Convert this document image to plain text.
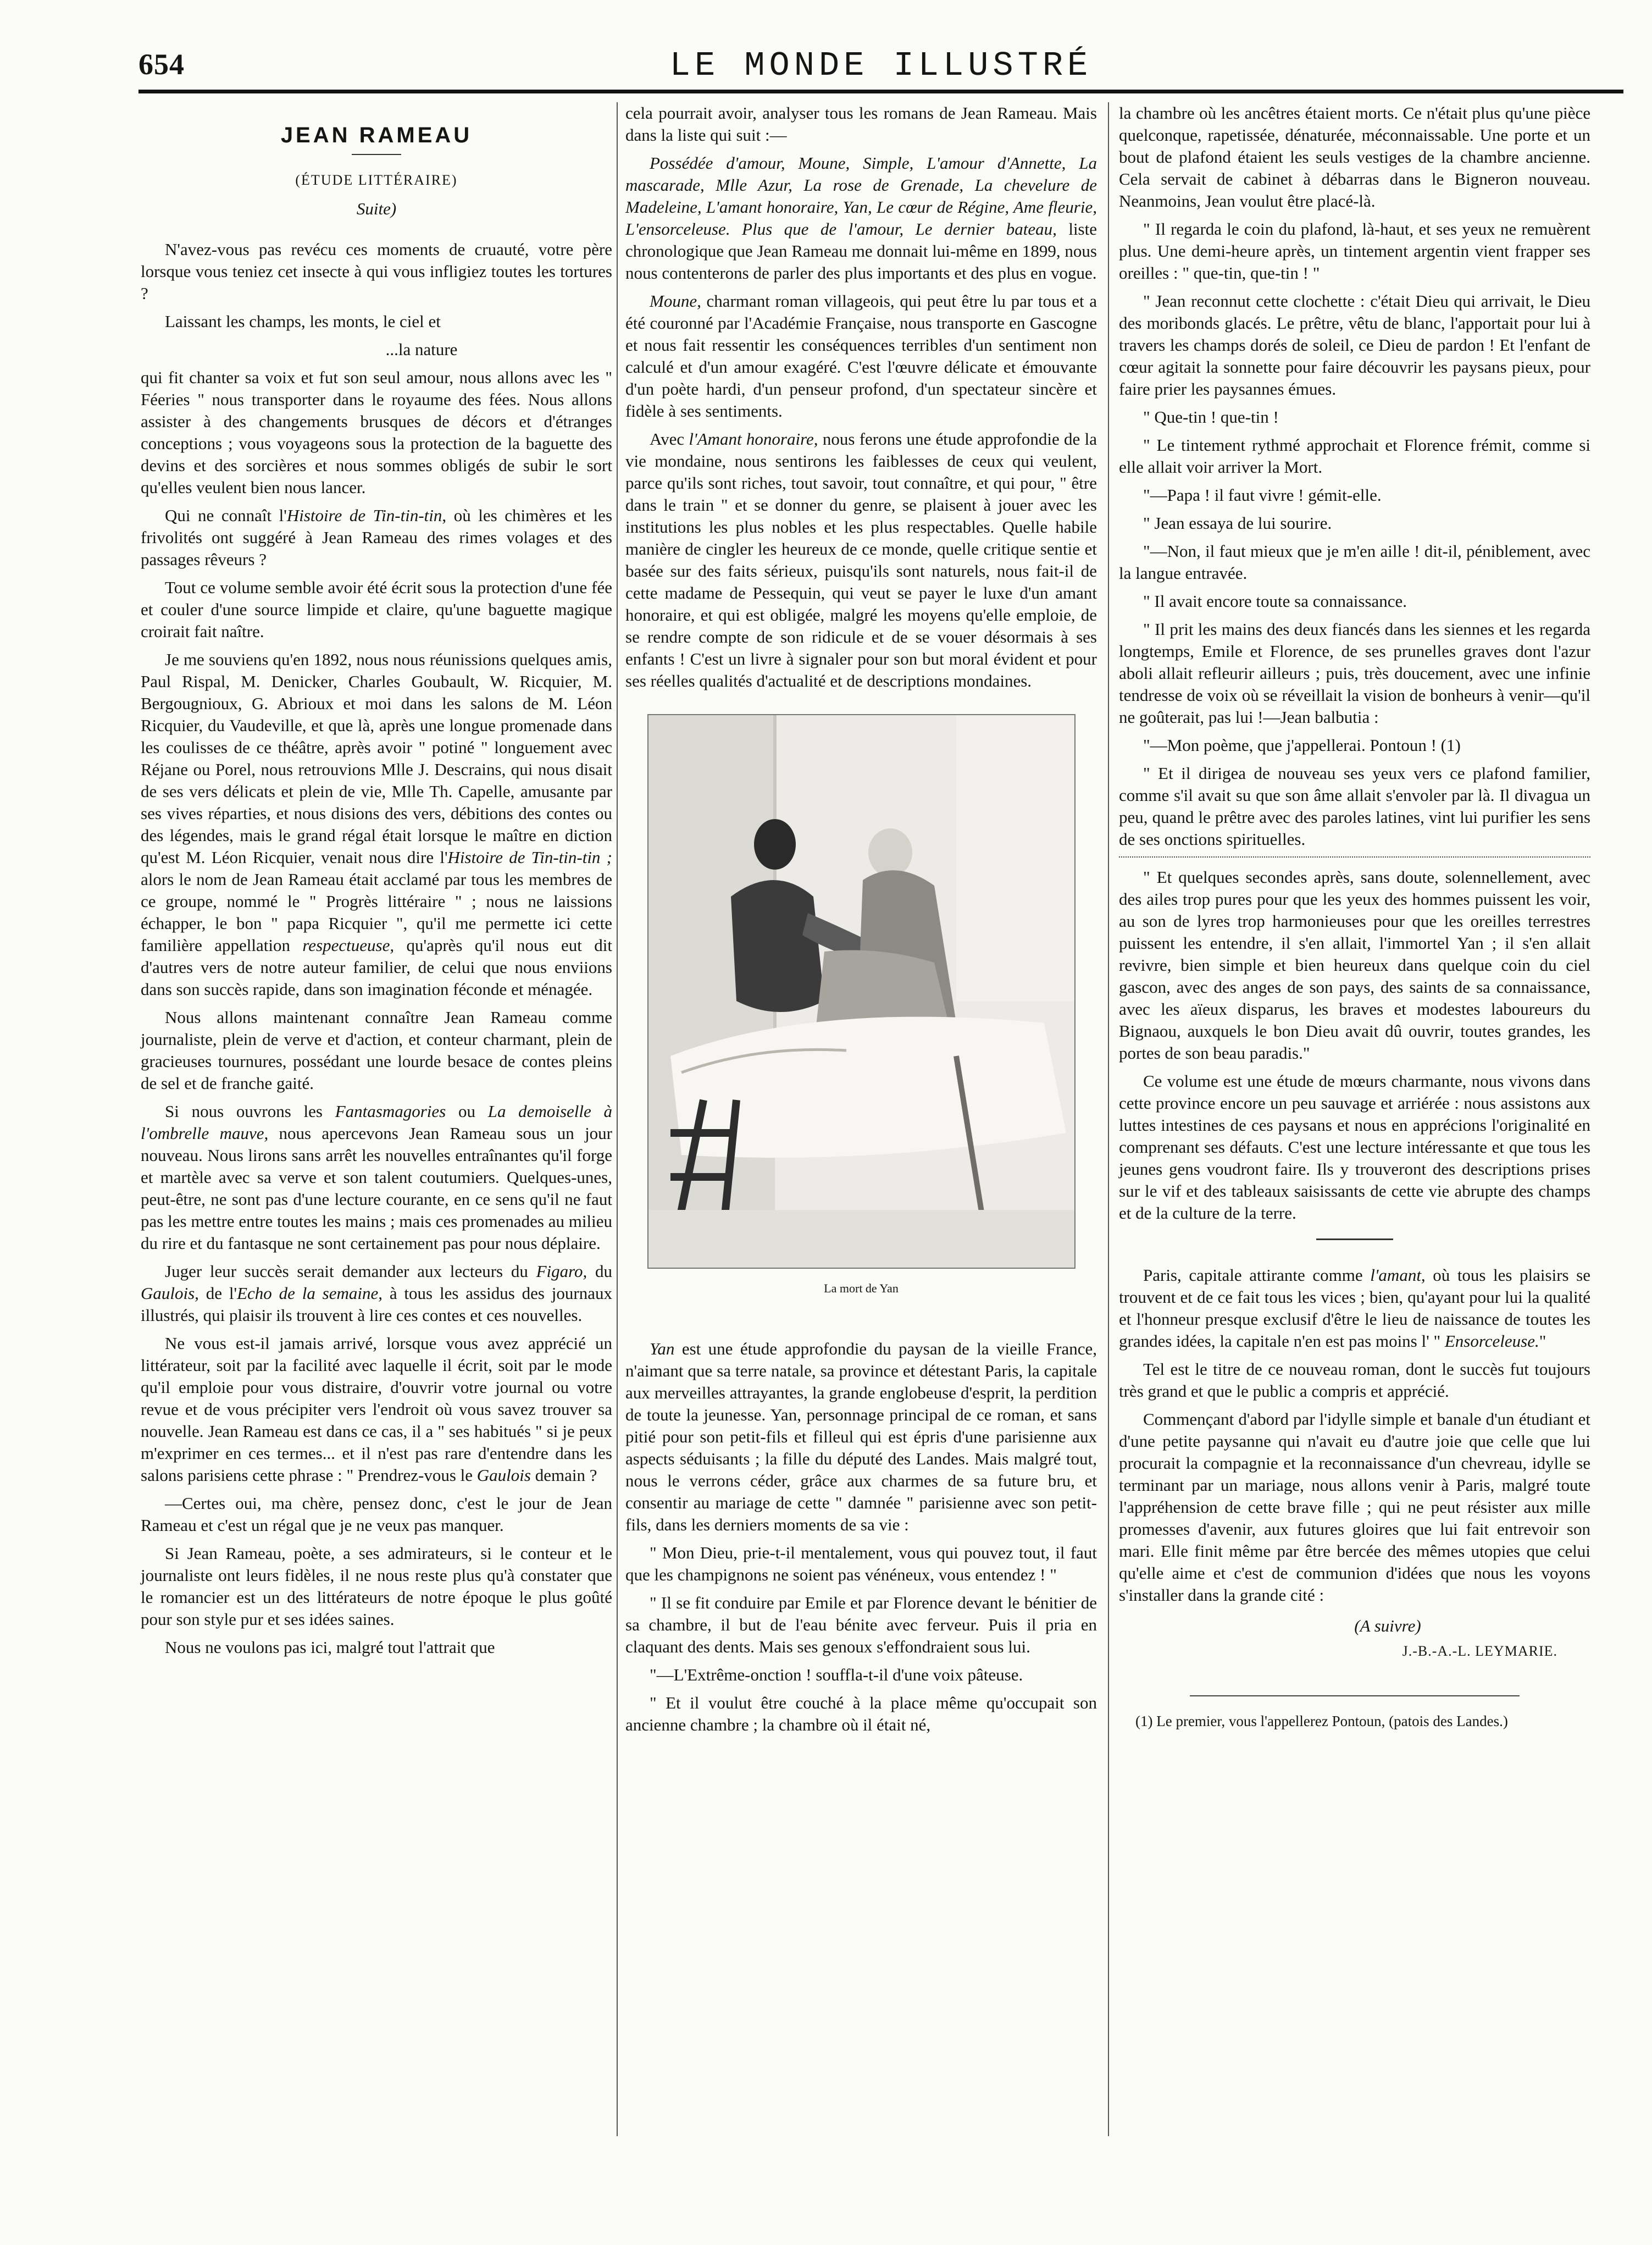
654	LE MONDE ILLUSTRÉ
JEAN RAMEAU
(ÉTUDE LITTÉRAIRE)
Suite)

N'avez-vous pas revécu ces moments de cruauté, votre père lorsque vous teniez cet insecte à qui vous infligiez toutes les tortures ?

Laissant les champs, les monts, le ciel et

...la nature

qui fit chanter sa voix et fut son seul amour, nous allons avec les " Féeries " nous transporter dans le royaume des fées. Nous allons assister à des changements brusques de décors et d'étranges conceptions ; vous voyageons sous la protection de la baguette des devins et des sorcières et nous sommes obligés de subir le sort qu'elles veulent bien nous lancer.

Qui ne connaît l'Histoire de Tin-tin-tin, où les chimères et les frivolités ont suggéré à Jean Rameau des rimes volages et des passages rêveurs ?

Tout ce volume semble avoir été écrit sous la protection d'une fée et couler d'une source limpide et claire, qu'une baguette magique croirait fait naître.

Je me souviens qu'en 1892, nous nous réunissions quelques amis, Paul Rispal, M. Denicker, Charles Goubault, W. Ricquier, M. Bergougnioux, G. Abrioux et moi dans les salons de M. Léon Ricquier, du Vaudeville, et que là, après une longue promenade dans les coulisses de ce théâtre, après avoir " potiné " longuement avec Réjane ou Porel, nous retrouvions Mlle J. Descrains, qui nous disait de ses vers délicats et plein de vie, Mlle Th. Capelle, amusante par ses vives réparties, et nous disions des vers, débitions des contes ou des légendes, mais le grand régal était lorsque le maître en diction qu'est M. Léon Ricquier, venait nous dire l'Histoire de Tin-tin-tin ; alors le nom de Jean Rameau était acclamé par tous les membres de ce groupe, nommé le " Progrès littéraire " ; nous ne laissions échapper, le bon " papa Ricquier ", qu'il me permette ici cette familière appellation respectueuse, qu'après qu'il nous eut dit d'autres vers de notre auteur familier, de celui que nous enviions dans son succès rapide, dans son imagination féconde et ménagée.

Nous allons maintenant connaître Jean Rameau comme journaliste, plein de verve et d'action, et conteur charmant, plein de gracieuses tournures, possédant une lourde besace de contes pleins de sel et de franche gaité.

Si nous ouvrons les Fantasmagories ou La demoiselle à l'ombrelle mauve, nous apercevons Jean Rameau sous un jour nouveau. Nous lirons sans arrêt les nouvelles entraînantes qu'il forge et martèle avec sa verve et son talent coutumiers. Quelques-unes, peut-être, ne sont pas d'une lecture courante, en ce sens qu'il ne faut pas les mettre entre toutes les mains ; mais ces promenades au milieu du rire et du fantasque ne sont certainement pas pour nous déplaire.

Juger leur succès serait demander aux lecteurs du Figaro, du Gaulois, de l'Echo de la semaine, à tous les assidus des journaux illustrés, qui plaisir ils trouvent à lire ces contes et ces nouvelles.

Ne vous est-il jamais arrivé, lorsque vous avez apprécié un littérateur, soit par la facilité avec laquelle il écrit, soit par le mode qu'il emploie pour vous distraire, d'ouvrir votre journal ou votre revue et de vous précipiter vers l'endroit où vous savez trouver sa nouvelle. Jean Rameau est dans ce cas, il a " ses habitués " si je peux m'exprimer en ces termes... et il n'est pas rare d'entendre dans les salons parisiens cette phrase : " Prendrez-vous le Gaulois demain ?

—Certes oui, ma chère, pensez donc, c'est le jour de Jean Rameau et c'est un régal que je ne veux pas manquer.

Si Jean Rameau, poète, a ses admirateurs, si le conteur et le journaliste ont leurs fidèles, il ne nous reste plus qu'à constater que le romancier est un des littérateurs de notre époque le plus goûté pour son style pur et ses idées saines.

Nous ne voulons pas ici, malgré tout l'attrait que

cela pourrait avoir, analyser tous les romans de Jean Rameau. Mais dans la liste qui suit :—

Possédée d'amour, Moune, Simple, L'amour d'Annette, La mascarade, Mlle Azur, La rose de Grenade, La chevelure de Madeleine, L'amant honoraire, Yan, Le cœur de Régine, Ame fleurie, L'ensorceleuse. Plus que de l'amour, Le dernier bateau, liste chronologique que Jean Rameau me donnait lui-même en 1899, nous nous contenterons de parler des plus importants et des plus en vogue.

Moune, charmant roman villageois, qui peut être lu par tous et a été couronné par l'Académie Française, nous transporte en Gascogne et nous fait ressentir les conséquences terribles d'un sentiment non calculé et d'un amour exagéré. C'est l'œuvre délicate et émouvante d'un poète hardi, d'un penseur profond, d'un spectateur sincère et fidèle à ses sentiments.

Avec l'Amant honoraire, nous ferons une étude approfondie de la vie mondaine, nous sentirons les faiblesses de ceux qui veulent, parce qu'ils sont riches, tout savoir, tout connaître, et qui pour, " être dans le train " et se donner du genre, se plaisent à jouer avec les institutions les plus nobles et les plus respectables. Quelle habile manière de cingler les heureux de ce monde, quelle critique sentie et basée sur des faits sérieux, puisqu'ils sont naturels, nous fait-il de cette madame de Pessequin, qui veut se payer le luxe d'un amant honoraire, et qui est obligée, malgré les moyens qu'elle emploie, de se rendre compte de son ridicule et de se vouer désormais à ses enfants ! C'est un livre à signaler pour son but moral évident et pour ses réelles qualités d'actualité et de descriptions mondaines.

La mort de Yan

Yan est une étude approfondie du paysan de la vieille France, n'aimant que sa terre natale, sa province et détestant Paris, la capitale aux merveilles attrayantes, la grande englobeuse d'esprit, la perdition de toute la jeunesse. Yan, personnage principal de ce roman, et sans pitié pour son petit-fils et filleul qui est épris d'une parisienne aux aspects séduisants ; la fille du député des Landes. Mais malgré tout, nous le verrons céder, grâce aux charmes de sa future bru, et consentir au mariage de cette " damnée " parisienne avec son petit-fils, dans les derniers moments de sa vie :

" Mon Dieu, prie-t-il mentalement, vous qui pouvez tout, il faut que les champignons ne soient pas vénéneux, vous entendez ! "

" Il se fit conduire par Emile et par Florence devant le bénitier de sa chambre, il but de l'eau bénite avec ferveur. Puis il pria en claquant des dents. Mais ses genoux s'effondraient sous lui.

"—L'Extrême-onction ! souffla-t-il d'une voix pâteuse.

" Et il voulut être couché à la place même qu'occupait son ancienne chambre ; la chambre où il était né,

la chambre où les ancêtres étaient morts. Ce n'était plus qu'une pièce quelconque, rapetissée, dénaturée, méconnaissable. Une porte et un bout de plafond étaient les seuls vestiges de la chambre ancienne. Cela servait de cabinet à débarras dans le Bigneron nouveau. Neanmoins, Jean voulut être placé-là.

" Il regarda le coin du plafond, là-haut, et ses yeux ne remuèrent plus. Une demi-heure après, un tintement argentin vient frapper ses oreilles : " que-tin, que-tin ! "

" Jean reconnut cette clochette : c'était Dieu qui arrivait, le Dieu des moribonds glacés. Le prêtre, vêtu de blanc, l'apportait pour lui à travers les champs dorés de soleil, ce Dieu de pardon ! Et l'enfant de cœur agitait la sonnette pour faire découvrir les paysans pieux, pour faire prier les paysannes émues.

" Que-tin ! que-tin !

" Le tintement rythmé approchait et Florence frémit, comme si elle allait voir arriver la Mort.

"—Papa ! il faut vivre ! gémit-elle.

" Jean essaya de lui sourire.

"—Non, il faut mieux que je m'en aille ! dit-il, péniblement, avec la langue entravée.

" Il avait encore toute sa connaissance.

" Il prit les mains des deux fiancés dans les siennes et les regarda longtemps, Emile et Florence, de ses prunelles graves dont l'azur aboli allait refleurir ailleurs ; puis, très doucement, avec une infinie tendresse de voix où se réveillait la vision de bonheurs à venir—qu'il ne goûterait, pas lui !—Jean balbutia :

"—Mon poème, que j'appellerai. Pontoun ! (1)

" Et il dirigea de nouveau ses yeux vers ce plafond familier, comme s'il avait su que son âme allait s'envoler par là. Il divagua un peu, quand le prêtre avec des paroles latines, vint lui purifier les sens de ses onctions spirituelles.

" Et quelques secondes après, sans doute, solennellement, avec des ailes trop pures pour que les yeux des hommes puissent les voir, au son de lyres trop harmonieuses pour que les oreilles terrestres puissent les entendre, il s'en allait, l'immortel Yan ; il s'en allait revivre, bien simple et bien heureux dans quelque coin du ciel gascon, avec des anges de son pays, des saints de sa connaissance, avec les aïeux disparus, les braves et modestes laboureurs du Bignaou, auxquels le bon Dieu avait dû ouvrir, toutes grandes, les portes de son beau paradis."

Ce volume est une étude de mœurs charmante, nous vivons dans cette province encore un peu sauvage et arriérée : nous assistons aux luttes intestines de ces paysans et nous en apprécions l'originalité en comprenant ses défauts. C'est une lecture intéressante et que tous les jeunes gens voudront faire. Ils y trouveront des descriptions prises sur le vif et des tableaux saisissants de cette vie abrupte des champs et de la culture de la terre.

Paris, capitale attirante comme l'amant, où tous les plaisirs se trouvent et de ce fait tous les vices ; bien, qu'ayant pour lui la qualité et l'honneur presque exclusif d'être le lieu de naissance de toutes les grandes idées, la capitale n'en est pas moins l' " Ensorceleuse."

Tel est le titre de ce nouveau roman, dont le succès fut toujours très grand et que le public a compris et apprécié.

Commençant d'abord par l'idylle simple et banale d'un étudiant et d'une petite paysanne qui n'avait eu d'autre joie que celle que lui procurait la compagnie et la reconnaissance d'un chevreau, idylle se terminant par un mariage, nous allons venir à Paris, malgré toute l'appréhension de cette brave fille ; qui ne peut résister aux mille promesses d'avenir, aux futures gloires que lui fait entrevoir son mari. Elle finit même par être bercée des mêmes utopies que celui qu'elle aime et c'est de communion d'idées que nous les voyons s'installer dans la grande cité :

(A suivre)
J.-B.-A.-L. LEYMARIE.
(1) Le premier, vous l'appellerez Pontoun, (patois des Landes.)
